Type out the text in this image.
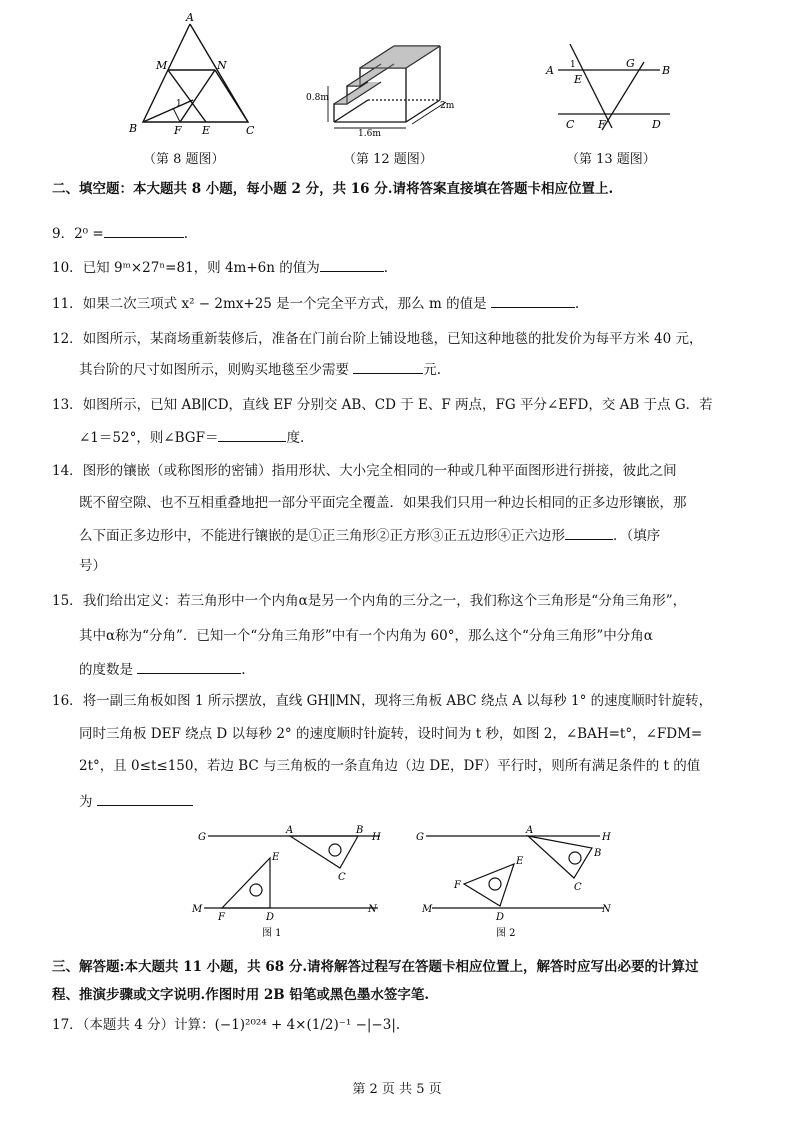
A
M	N
B	F E	C
1
（第 8 题图）
0.8m
1.6m
2m
（第 12 题图）
A
E
1	G
B
C F	D
（第 13 题图）
二、填空题：本大题共 8 小题，每小题 2 分，共 16 分.请将答案直接填在答题卡相应位置上.
9．2⁰ =	.
10．已知 9ᵐ×27ⁿ=81，则 4m+6n 的值为	.
11．如果二次三项式 x² − 2mx+25 是一个完全平方式，那么 m 的值是	.
12．如图所示，某商场重新装修后，准备在门前台阶上铺设地毯，已知这种地毯的批发价为每平方米 40 元，
其台阶的尺寸如图所示，则购买地毯至少需要	元.
13．如图所示，已知 AB∥CD，直线 EF 分别交 AB、CD 于 E、F 两点，FG 平分∠EFD，交 AB 于点 G．若
∠1＝52°，则∠BGF＝	度.
14．图形的镶嵌（或称图形的密铺）指用形状、大小完全相同的一种或几种平面图形进行拼接，彼此之间
既不留空隙、也不互相重叠地把一部分平面完全覆盖．如果我们只用一种边长相同的正多边形镶嵌，那
么下面正多边形中，不能进行镶嵌的是①正三角形②正方形③正五边形④正六边形	．（填序
号）
15．我们给出定义：若三角形中一个内角α是另一个内角的三分之一，我们称这个三角形是“分角三角形”，
其中α称为“分角”．已知一个“分角三角形”中有一个内角为 60°，那么这个“分角三角形”中分角α
的度数是	.
16．将一副三角板如图 1 所示摆放，直线 GH∥MN，现将三角板 ABC 绕点 A 以每秒 1° 的速度顺时针旋转，
同时三角板 DEF 绕点 D 以每秒 2° 的速度顺时针旋转，设时间为 t 秒，如图 2，∠BAH=t°，∠FDM=
2t°，且 0≤t≤150，若边 BC 与三角板的一条直角边（边 DE，DF）平行时，则所有满足条件的 t 的值
为
G
A	B
H
E
C
M
F	D
N
G
A
B
H
E
C
M
F
D
N
图 1	图 2
三、解答题:本大题共 11 小题，共 68 分.请将解答过程写在答题卡相应位置上，解答时应写出必要的计算过
程、推演步骤或文字说明.作图时用 2B 铅笔或黑色墨水签字笔.
17．（本题共 4 分）计算：(−1)²⁰²⁴ + 4×(1/2)⁻¹ −|−3|.
第 2 页 共 5 页
